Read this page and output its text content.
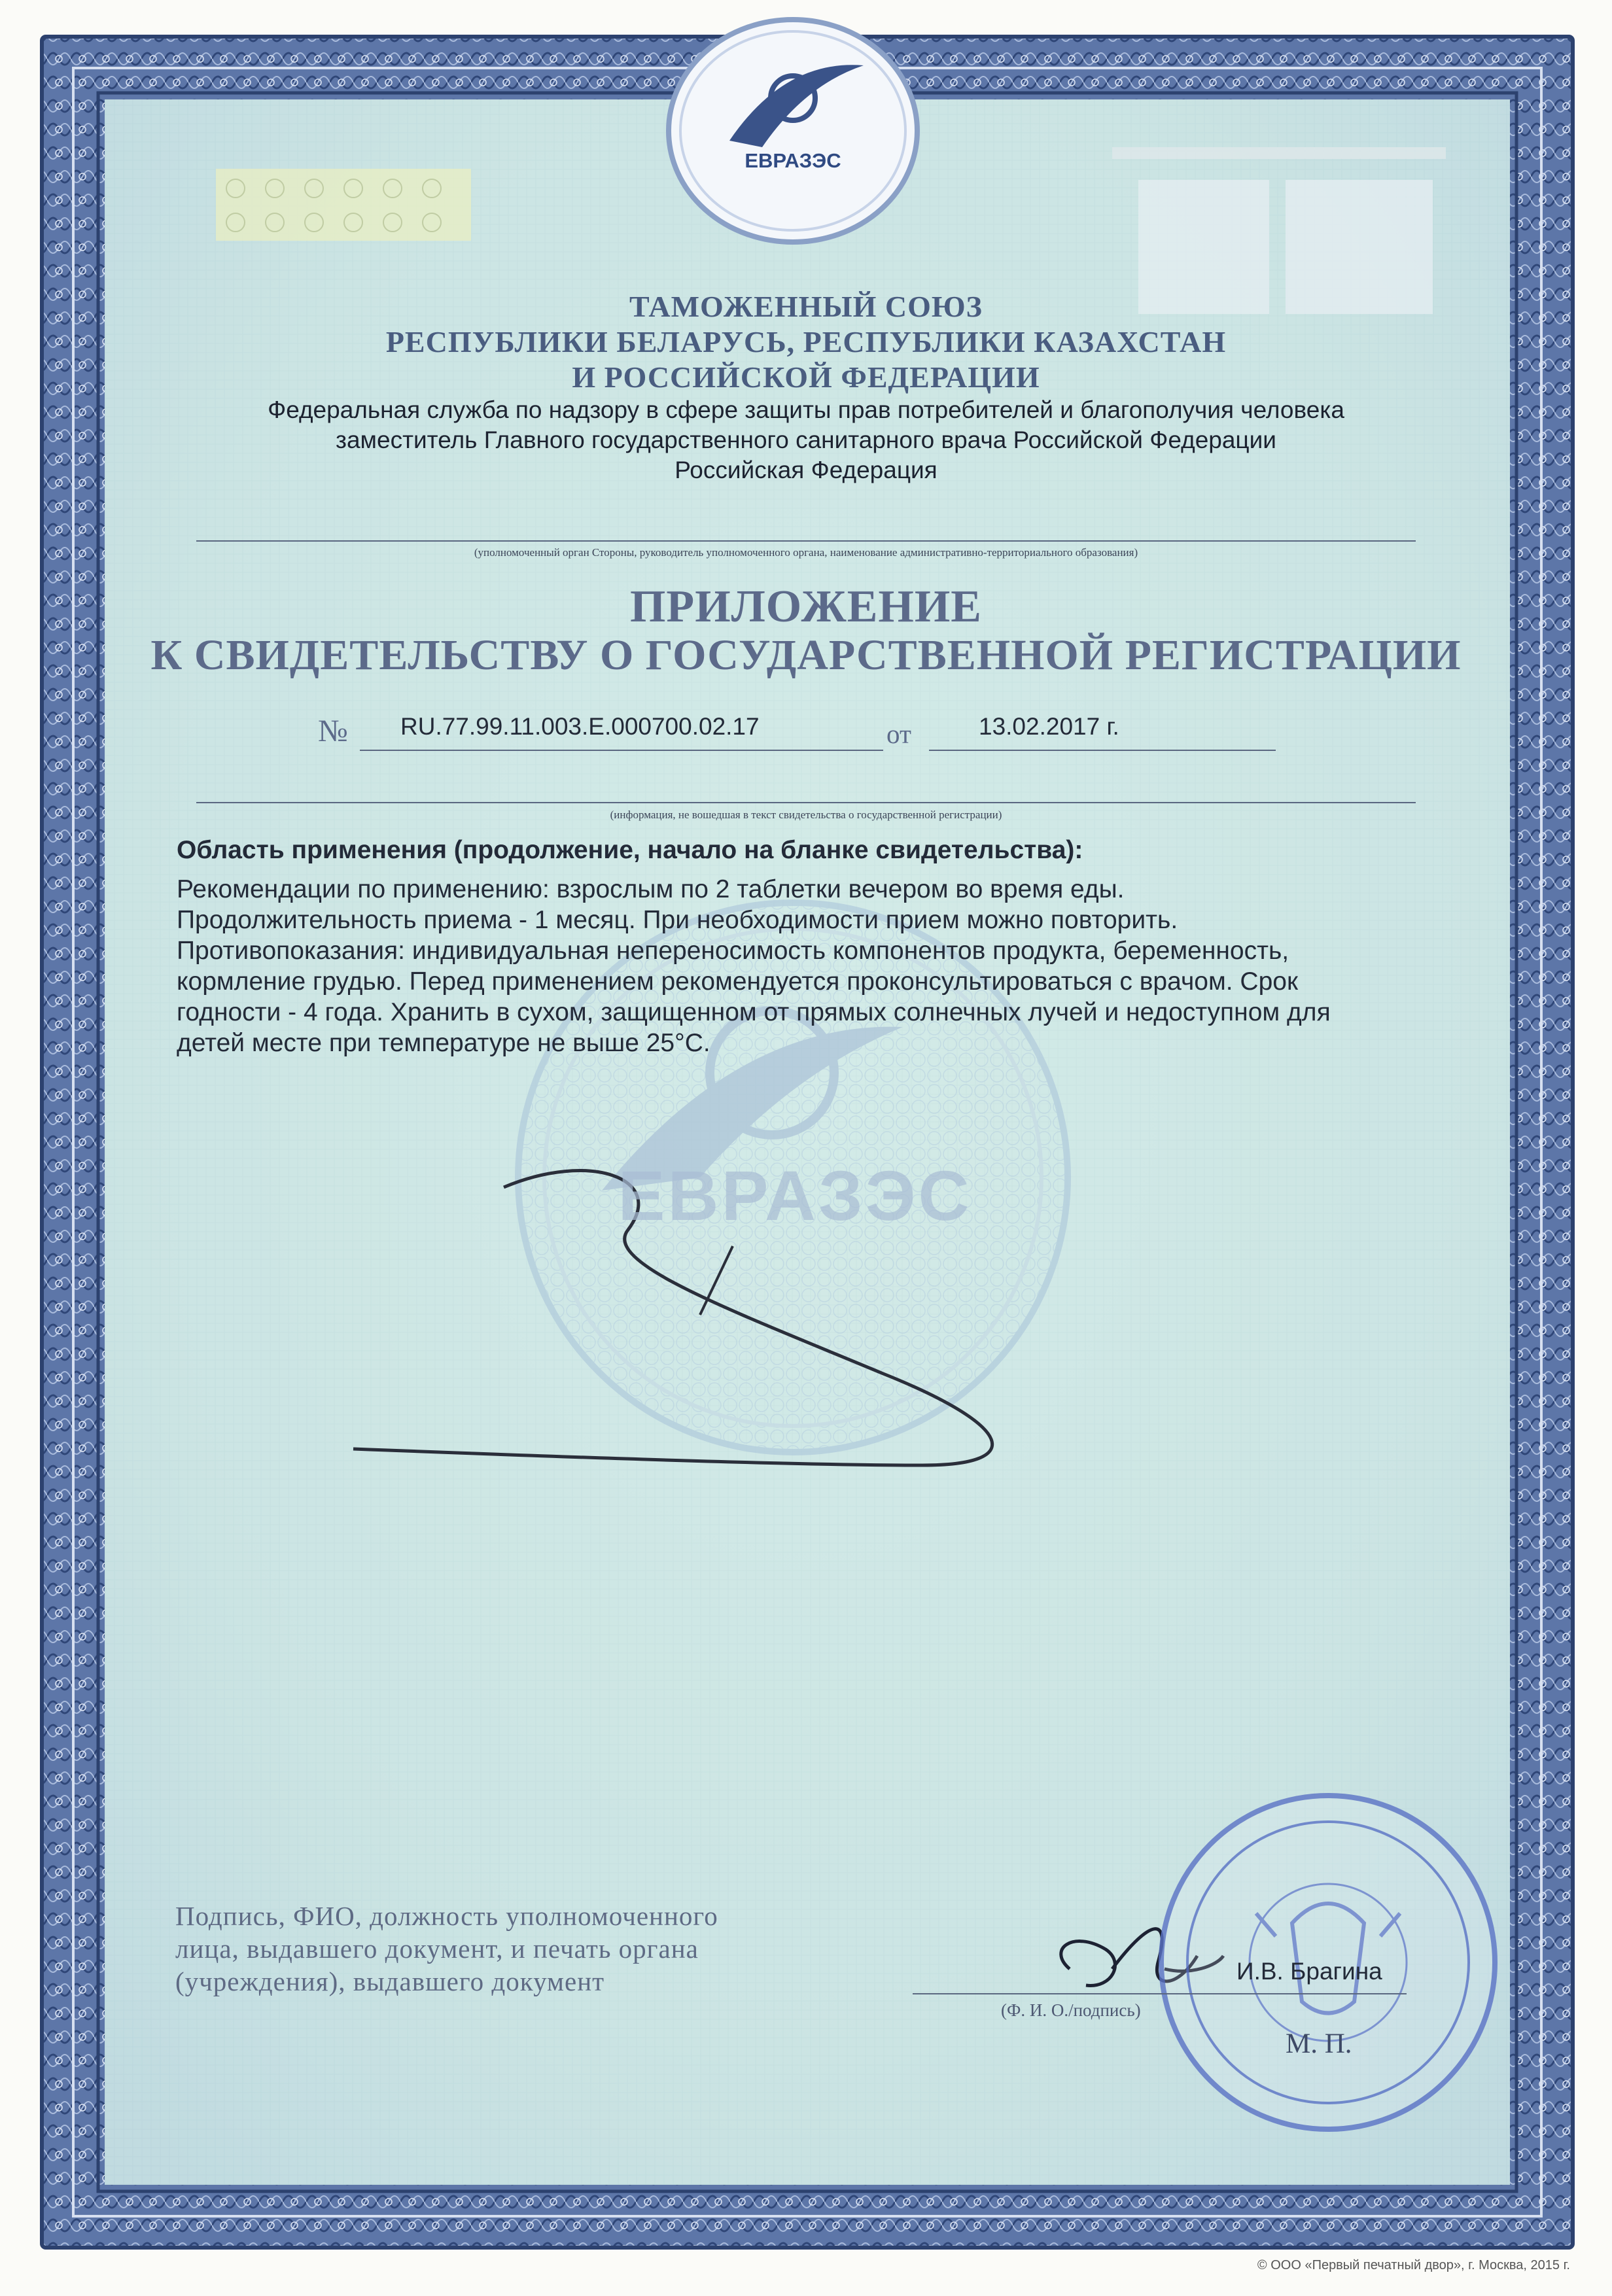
ЕВРАЗЭС
ЕВРАЗЭС
ТАМОЖЕННЫЙ СОЮЗ
РЕСПУБЛИКИ БЕЛАРУСЬ, РЕСПУБЛИКИ КАЗАХСТАН
И РОССИЙСКОЙ ФЕДЕРАЦИИ
Федеральная служба по надзору в сфере защиты прав потребителей и благополучия человека
заместитель Главного государственного санитарного врача Российской Федерации
Российская Федерация
(уполномоченный орган Стороны, руководитель уполномоченного органа, наименование административно-территориального образования)
ПРИЛОЖЕНИЕ
К СВИДЕТЕЛЬСТВУ О ГОСУДАРСТВЕННОЙ РЕГИСТРАЦИИ
№ RU.77.99.11.003.Е.000700.02.17	от	13.02.2017 г.
(информация, не вошедшая в текст свидетельства о государственной регистрации)
Область применения (продолжение, начало на бланке свидетельства):
Рекомендации по применению: взрослым по 2 таблетки вечером во время еды.
Продолжительность приема - 1 месяц. При необходимости прием можно повторить.
Противопоказания: индивидуальная непереносимость компонентов продукта, беременность,
кормление грудью. Перед применением рекомендуется проконсультироваться с врачом. Срок
годности - 4 года. Хранить в сухом, защищенном от прямых солнечных лучей и недоступном для
детей месте при температуре не выше 25°C.
Подпись, ФИО, должность уполномоченного
лица, выдавшего документ, и печать органа
(учреждения), выдавшего документ	И.В. Брагина
(Ф. И. О./подпись)
М. П.
© ООО «Первый печатный двор», г. Москва, 2015 г.
